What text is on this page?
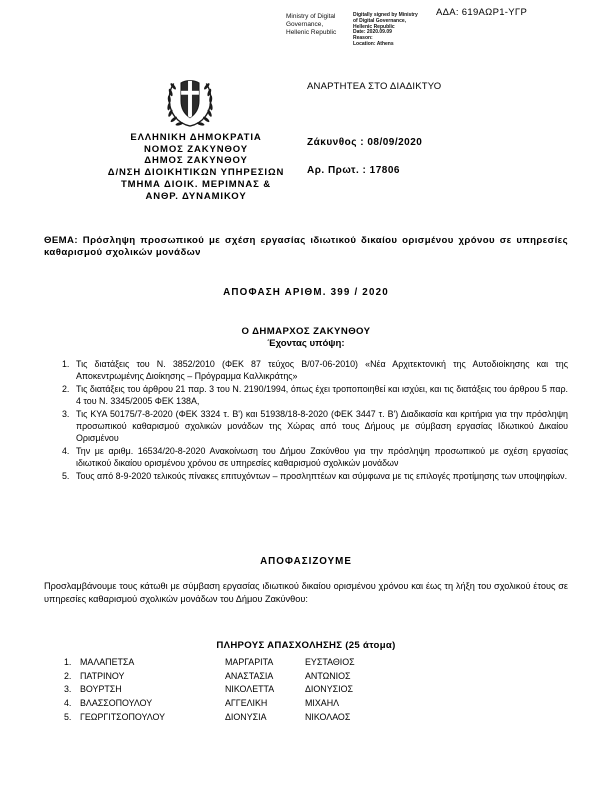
ΑΔΑ: 619ΑΩΡ1-ΥΓΡ
Ministry of Digital
Governance,
Hellenic Republic
Digitally signed by Ministry
of Digital Governance,
Hellenic Republic
Date: 2020.09.09
Reason:
Location: Athens
ΑΝΑΡΤΗΤΕΑ ΣΤΟ ΔΙΑΔΙΚΤΥΟ
ΕΛΛΗΝΙΚΗ ΔΗΜΟΚΡΑΤΙΑ
ΝΟΜΟΣ ΖΑΚΥΝΘΟΥ
ΔΗΜΟΣ ΖΑΚΥΝΘΟΥ
Δ/ΝΣΗ ΔΙΟΙΚΗΤΙΚΩΝ ΥΠΗΡΕΣΙΩΝ
ΤΜΗΜΑ ΔΙΟΙΚ. ΜΕΡΙΜΝΑΣ &
ΑΝΘΡ. ΔΥΝΑΜΙΚΟΥ
Ζάκυνθος : 08/09/2020
Αρ. Πρωτ. : 17806
ΘΕΜΑ: Πρόσληψη προσωπικού με σχέση εργασίας ιδιωτικού δικαίου ορισμένου χρόνου σε υπηρεσίες καθαρισμού σχολικών μονάδων
ΑΠΟΦΑΣΗ ΑΡΙΘΜ. 399 / 2020
Ο ΔΗΜΑΡΧΟΣ ΖΑΚΥΝΘΟΥ
Έχοντας υπόψη:
1. Τις διατάξεις του Ν. 3852/2010 (ΦΕΚ 87 τεύχος Β/07-06-2010) «Νέα Αρχιτεκτονική της Αυτοδιοίκησης και της Αποκεντρωμένης Διοίκησης – Πρόγραμμα Καλλικράτης»
2. Τις διατάξεις του άρθρου 21 παρ. 3 του Ν. 2190/1994, όπως έχει τροποποιηθεί και ισχύει, και τις διατάξεις του άρθρου 5 παρ. 4 του Ν. 3345/2005 ΦΕΚ 138Α,
3. Τις ΚΥΑ 50175/7-8-2020 (ΦΕΚ 3324 τ. Β') και 51938/18-8-2020 (ΦΕΚ 3447 τ. Β') Διαδικασία και κριτήρια για την πρόσληψη προσωπικού καθαρισμού σχολικών μονάδων της Χώρας από τους Δήμους με σύμβαση εργασίας Ιδιωτικού Δικαίου Ορισμένου
4. Την με αριθμ. 16534/20-8-2020 Ανακοίνωση του Δήμου Ζακύνθου για την πρόσληψη προσωπικού με σχέση εργασίας ιδιωτικού δικαίου ορισμένου χρόνου σε υπηρεσίες καθαρισμού σχολικών μονάδων
5. Τους από 8-9-2020 τελικούς πίνακες επιτυχόντων – προσληπτέων και σύμφωνα με τις επιλογές προτίμησης των υποψηφίων.
ΑΠΟΦΑΣΙΖΟΥΜΕ
Προσλαμβάνουμε τους κάτωθι με σύμβαση εργασίας ιδιωτικού δικαίου ορισμένου χρόνου και έως τη λήξη του σχολικού έτους σε υπηρεσίες καθαρισμού σχολικών μονάδων του Δήμου Ζακύνθου:
ΠΛΗΡΟΥΣ ΑΠΑΣΧΟΛΗΣΗΣ (25 άτομα)
1. ΜΑΛΑΠΕΤΣΑ	ΜΑΡΓΑΡΙΤΑ	ΕΥΣΤΑΘΙΟΣ
2. ΠΑΤΡΙΝΟΥ	ΑΝΑΣΤΑΣΙΑ	ΑΝΤΩΝΙΟΣ
3. ΒΟΥΡΤΣΗ	ΝΙΚΟΛΕΤΤΑ	ΔΙΟΝΥΣΙΟΣ
4. ΒΛΑΣΣΟΠΟΥΛΟΥ	ΑΓΓΕΛΙΚΗ	ΜΙΧΑΗΛ
5. ΓΕΩΡΓΙΤΣΟΠΟΥΛΟΥ	ΔΙΟΝΥΣΙΑ	ΝΙΚΟΛΑΟΣ
